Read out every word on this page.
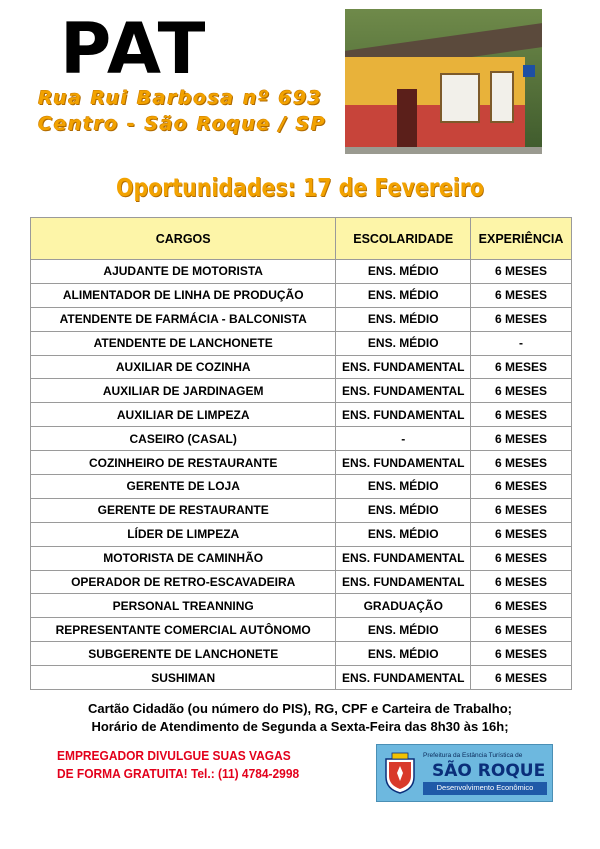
PAT
Rua Rui Barbosa nº 693
Centro - São Roque / SP
Oportunidades: 17 de Fevereiro
CARGOS	ESCOLARIDADE	EXPERIÊNCIA
AJUDANTE DE MOTORISTA	ENS. MÉDIO	6 MESES
ALIMENTADOR DE LINHA DE PRODUÇÃO	ENS. MÉDIO	6 MESES
ATENDENTE DE FARMÁCIA - BALCONISTA	ENS. MÉDIO	6 MESES
ATENDENTE DE LANCHONETE	ENS. MÉDIO	-
AUXILIAR DE COZINHA	ENS. FUNDAMENTAL	6 MESES
AUXILIAR DE JARDINAGEM	ENS. FUNDAMENTAL	6 MESES
AUXILIAR DE LIMPEZA	ENS. FUNDAMENTAL	6 MESES
CASEIRO (CASAL)	-	6 MESES
COZINHEIRO DE RESTAURANTE	ENS. FUNDAMENTAL	6 MESES
GERENTE DE LOJA	ENS. MÉDIO	6 MESES
GERENTE DE RESTAURANTE	ENS. MÉDIO	6 MESES
LÍDER DE LIMPEZA	ENS. MÉDIO	6 MESES
MOTORISTA DE CAMINHÃO	ENS. FUNDAMENTAL	6 MESES
OPERADOR DE RETRO-ESCAVADEIRA	ENS. FUNDAMENTAL	6 MESES
PERSONAL TREANNING	GRADUAÇÃO	6 MESES
REPRESENTANTE COMERCIAL AUTÔNOMO	ENS. MÉDIO	6 MESES
SUBGERENTE DE LANCHONETE	ENS. MÉDIO	6 MESES
SUSHIMAN	ENS. FUNDAMENTAL	6 MESES
Cartão Cidadão (ou número do PIS), RG, CPF e Carteira de Trabalho;
Horário de Atendimento de Segunda a Sexta-Feira das 8h30 às 16h;
EMPREGADOR DIVULGUE SUAS VAGAS
DE FORMA GRATUITA! Tel.: (11) 4784-2998
Prefeitura da Estância Turística de
SÃO ROQUE
Desenvolvimento Econômico
